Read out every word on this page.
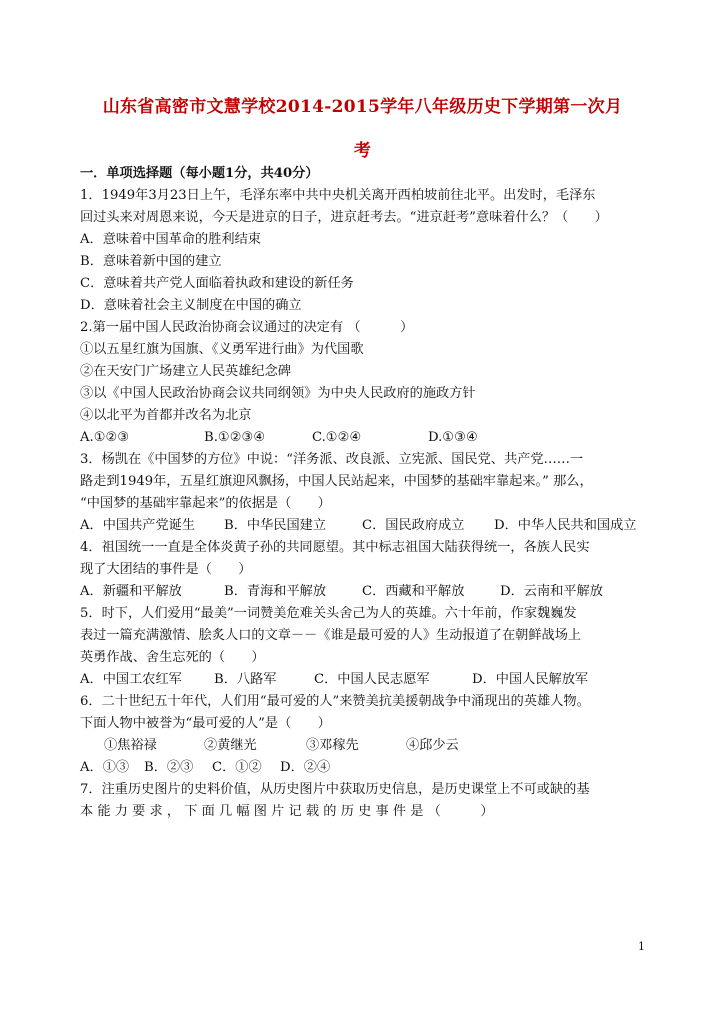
山东省高密市文慧学校2014-2015学年八年级历史下学期第一次月
考
一．单项选择题（每小题1分，共40分）
1．1949年3月23日上午，毛泽东率中共中央机关离开西柏坡前往北平。出发时，毛泽东
回过头来对周恩来说，今天是进京的日子，进京赶考去。“进京赶考”意味着什么？（　　）
A．意味着中国革命的胜利结束
B．意味着新中国的建立
C．意味着共产党人面临着执政和建设的新任务
D．意味着社会主义制度在中国的确立
2.第一届中国人民政治协商会议通过的决定有 （　　　）
①以五星红旗为国旗、《义勇军进行曲》为代国歌
②在天安门广场建立人民英雄纪念碑
③以《中国人民政治协商会议共同纲领》为中央人民政府的施政方针
④以北平为首都并改名为北京
A.①②③	B.①②③④	C.①②④	D.①③④
3．杨凯在《中国梦的方位》中说：“洋务派、改良派、立宪派、国民党、共产党……一
路走到1949年，五星红旗迎风飘扬，中国人民站起来，中国梦的基础牢靠起来。” 那么，
“中国梦的基础牢靠起来”的依据是（　　）
A．中国共产党诞生 B．中华民国建立	C．国民政府成立 D．中华人民共和国成立
4．祖国统一一直是全体炎黄子孙的共同愿望。其中标志祖国大陆获得统一，各族人民实
现了大团结的事件是（　　）
A．新疆和平解放	B．青海和平解放	C．西藏和平解放	D．云南和平解放
5．时下，人们爱用“最美”一词赞美危难关头舍己为人的英雄。六十年前，作家魏巍发
表过一篇充满激情、脍炙人口的文章－－《谁是最可爱的人》生动报道了在朝鲜战场上
英勇作战、舍生忘死的（　　）
A．中国工农红军 B．八路军	C．中国人民志愿军	D．中国人民解放军
6．二十世纪五十年代，人们用“最可爱的人”来赞美抗美援朝战争中涌现出的英雄人物。
下面人物中被誉为“最可爱的人”是（　　）
①焦裕禄	②黄继光	③邓稼先	④邱少云
A．①③ B．②③ C．①② D．②④
7．注重历史图片的史料价值，从历史图片中获取历史信息，是历史课堂上不可或缺的基
本 能 力 要 求 ， 下 面 几 幅 图 片 记 载 的 历 史 事 件 是 （　　　）
1
